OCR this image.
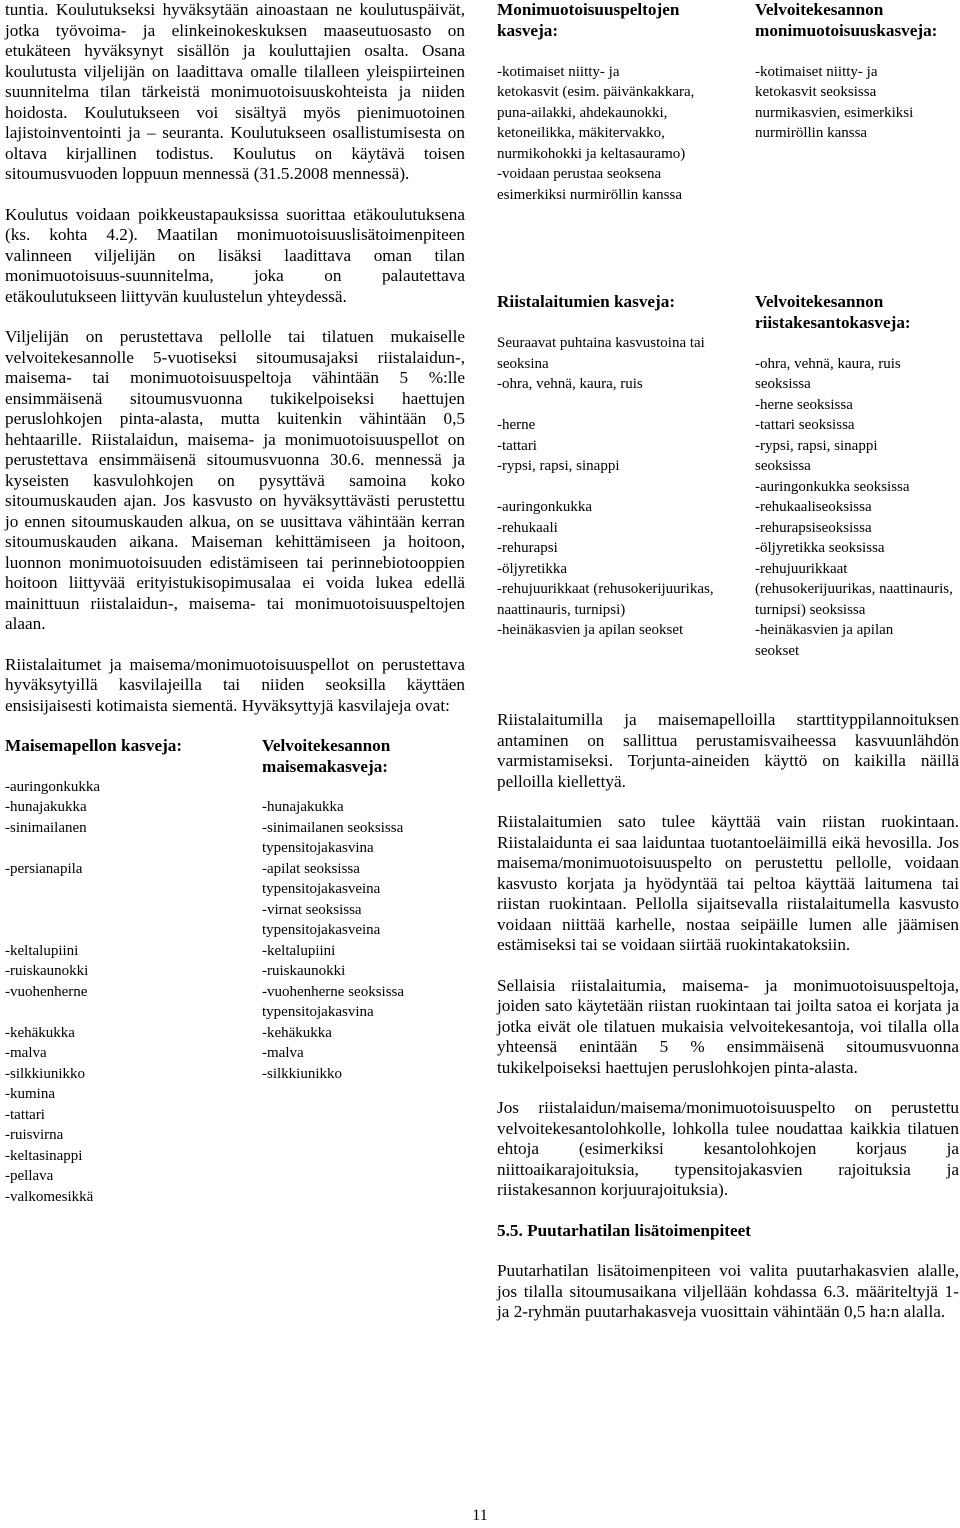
tuntia. Koulutukseksi hyväksytään ainoastaan ne koulutuspäivät, jotka työvoima- ja elinkeinokeskuksen maaseutuosasto on etukäteen hyväksynyt sisällön ja kouluttajien osalta. Osana koulutusta viljelijän on laadittava omalle tilalleen yleispiirteinen suunnitelma tilan tärkeistä monimuotoisuuskohteista ja niiden hoidosta. Koulutukseen voi sisältyä myös pienimuotoinen lajistoinventointi ja – seuranta. Koulutukseen osallistumisesta on oltava kirjallinen todistus. Koulutus on käytävä toisen sitoumusvuoden loppuun mennessä (31.5.2008 mennessä).

Koulutus voidaan poikkeustapauksissa suorittaa etäkoulutuksena (ks. kohta 4.2). Maatilan monimuotoisuuslisätoimenpiteen valinneen viljelijän on lisäksi laadittava oman tilan monimuotoisuus-suunnitelma, joka on palautettava etäkoulutukseen liittyvän kuulustelun yhteydessä.

Viljelijän on perustettava pellolle tai tilatuen mukaiselle velvoitekesannolle 5-vuotiseksi sitoumusajaksi riistalaidun-, maisema- tai monimuotoisuuspeltoja vähintään 5 %:lle ensimmäisenä sitoumusvuonna tukikelpoiseksi haettujen peruslohkojen pinta-alasta, mutta kuitenkin vähintään 0,5 hehtaarille. Riistalaidun, maisema- ja monimuotoisuuspellot on perustettava ensimmäisenä sitoumusvuonna 30.6. mennessä ja kyseisten kasvulohkojen on pysyttävä samoina koko sitoumuskauden ajan. Jos kasvusto on hyväksyttävästi perustettu jo ennen sitoumuskauden alkua, on se uusittava vähintään kerran sitoumuskauden aikana. Maiseman kehittämiseen ja hoitoon, luonnon monimuotoisuuden edistämiseen tai perinnebiotooppien hoitoon liittyvää erityistukisopimusalaa ei voida lukea edellä mainittuun riistalaidun-, maisema- tai monimuotoisuuspeltojen alaan.

Riistalaitumet ja maisema/monimuotoisuuspellot on perustettava hyväksytyillä kasvilajeilla tai niiden seoksilla käyttäen ensisijaisesti kotimaista siementä. Hyväksyttyjä kasvilajeja ovat:

Maisemapellon kasveja:

-auringonkukka
-hunajakukka
-sinimailanen

-persianapila

-keltalupiini
-ruiskaunokki
-vuohenherne

-kehäkukka
-malva
-silkkiunikko
-kumina
-tattari
-ruisvirna
-keltasinappi
-pellava
-valkomesikkä

Velvoitekesannon maisemakasveja:

-hunajakukka
-sinimailanen seoksissa typensitojakasvina
-apilat seoksissa typensitojakasveina
-virnat seoksissa typensitojakasveina
-keltalupiini
-ruiskaunokki
-vuohenherne seoksissa typensitojakasvina
-kehäkukka
-malva
-silkkiunikko

Monimuotoisuuspeltojen kasveja:

-kotimaiset niitty- ja
ketokasvit (esim. päivänkakkara, puna-ailakki, ahdekaunokki, ketoneilikka, mäkitervakko, nurmikohokki ja keltasauramo)
-voidaan perustaa seoksena esimerkiksi nurmiröllin kanssa

Velvoitekesannon monimuotoisuuskasveja:

-kotimaiset niitty- ja
ketokasvit seoksissa nurmikasvien, esimerkiksi nurmiröllin kanssa

Riistalaitumien kasveja:

Seuraavat puhtaina kasvustoina tai seoksina
-ohra, vehnä, kaura, ruis

-herne
-tattari
-rypsi, rapsi, sinappi

-auringonkukka
-rehukaali
-rehurapsi
-öljyretikka
-rehujuurikkaat (rehusokerijuurikas, naattinauris, turnipsi)
-heinäkasvien ja apilan seokset

Velvoitekesannon riistakesantokasveja:

-ohra, vehnä, kaura, ruis
seoksissa
-herne seoksissa
-tattari seoksissa
-rypsi, rapsi, sinappi
seoksissa
-auringonkukka seoksissa
-rehukaaliseoksissa
-rehurapsiseoksissa
-öljyretikka seoksissa
-rehujuurikkaat (rehusokerijuurikas, naattinauris, turnipsi) seoksissa
-heinäkasvien ja apilan
seokset

Riistalaitumilla ja maisemapelloilla starttityppilannoituksen antaminen on sallittua perustamisvaiheessa kasvuunlähdön varmistamiseksi. Torjunta-aineiden käyttö on kaikilla näillä pelloilla kiellettyä.

Riistalaitumien sato tulee käyttää vain riistan ruokintaan. Riistalaidunta ei saa laiduntaa tuotantoeläimillä eikä hevosilla. Jos maisema/monimuotoisuuspelto on perustettu pellolle, voidaan kasvusto korjata ja hyödyntää tai peltoa käyttää laitumena tai riistan ruokintaan. Pellolla sijaitsevalla riistalaitumella kasvusto voidaan niittää karhelle, nostaa seipäille lumen alle jäämisen estämiseksi tai se voidaan siirtää ruokintakatoksiin.

Sellaisia riistalaitumia, maisema- ja monimuotoisuuspeltoja, joiden sato käytetään riistan ruokintaan tai joilta satoa ei korjata ja jotka eivät ole tilatuen mukaisia velvoitekesantoja, voi tilalla olla yhteensä enintään 5 % ensimmäisenä sitoumusvuonna tukikelpoiseksi haettujen peruslohkojen pinta-alasta.

Jos riistalaidun/maisema/monimuotoisuuspelto on perustettu velvoitekesantolohkolle, lohkolla tulee noudattaa kaikkia tilatuen ehtoja (esimerkiksi kesantolohkojen korjaus ja niittoaikarajoituksia, typensitojakasvien rajoituksia ja riistakesannon korjuurajoituksia).

5.5. Puutarhatilan lisätoimenpiteet

Puutarhatilan lisätoimenpiteen voi valita puutarhakasvien alalle, jos tilalla sitoumusaikana viljellään kohdassa 6.3. määriteltyjä 1- ja 2-ryhmän puutarhakasveja vuosittain vähintään 0,5 ha:n alalla.

11
